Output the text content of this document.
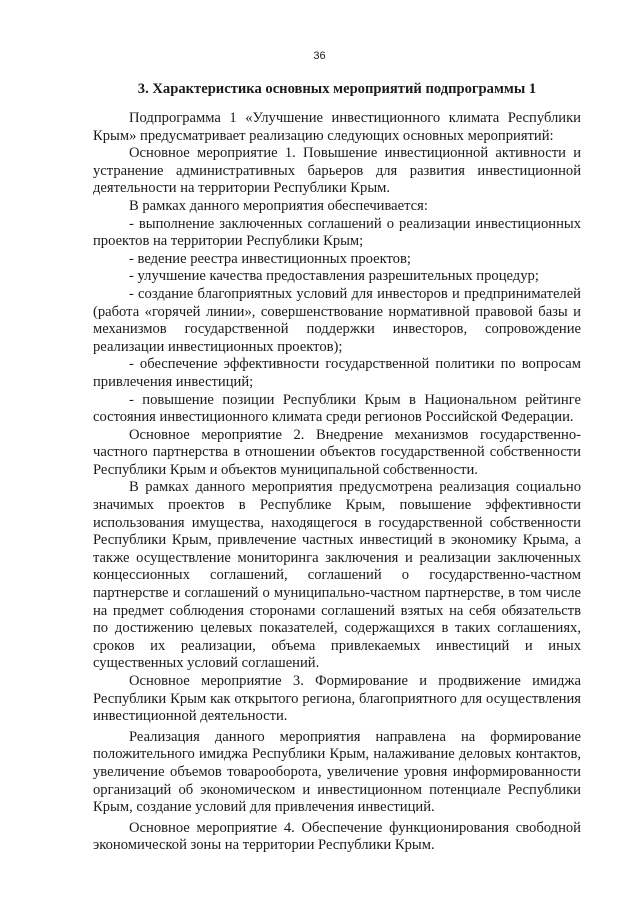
36
3. Характеристика основных мероприятий подпрограммы 1

Подпрограмма 1 «Улучшение инвестиционного климата Республики Крым» предусматривает реализацию следующих основных мероприятий:

Основное мероприятие 1. Повышение инвестиционной активности и устранение административных барьеров для развития инвестиционной деятельности на территории Республики Крым.

В рамках данного мероприятия обеспечивается:

- выполнение заключенных соглашений о реализации инвестиционных проектов на территории Республики Крым;

- ведение реестра инвестиционных проектов;

- улучшение качества предоставления разрешительных процедур;

- создание благоприятных условий для инвесторов и предпринимателей (работа «горячей линии», совершенствование нормативной правовой базы и механизмов государственной поддержки инвесторов, сопровождение реализации инвестиционных проектов);

- обеспечение эффективности государственной политики по вопросам привлечения инвестиций;

- повышение позиции Республики Крым в Национальном рейтинге состояния инвестиционного климата среди регионов Российской Федерации.

Основное мероприятие 2. Внедрение механизмов государственно-частного партнерства в отношении объектов государственной собственности Республики Крым и объектов муниципальной собственности.

В рамках данного мероприятия предусмотрена реализация социально значимых проектов в Республике Крым, повышение эффективности использования имущества, находящегося в государственной собственности Республики Крым, привлечение частных инвестиций в экономику Крыма, а также осуществление мониторинга заключения и реализации заключенных концессионных соглашений, соглашений о государственно-частном партнерстве и соглашений о муниципально-частном партнерстве, в том числе на предмет соблюдения сторонами соглашений взятых на себя обязательств по достижению целевых показателей, содержащихся в таких соглашениях, сроков их реализации, объема привлекаемых инвестиций и иных существенных условий соглашений.

Основное мероприятие 3. Формирование и продвижение имиджа Республики Крым как открытого региона, благоприятного для осуществления инвестиционной деятельности.

Реализация данного мероприятия направлена на формирование положительного имиджа Республики Крым, налаживание деловых контактов, увеличение объемов товарооборота, увеличение уровня информированности организаций об экономическом и инвестиционном потенциале Республики Крым, создание условий для привлечения инвестиций.

Основное мероприятие 4. Обеспечение функционирования свободной экономической зоны на территории Республики Крым.
